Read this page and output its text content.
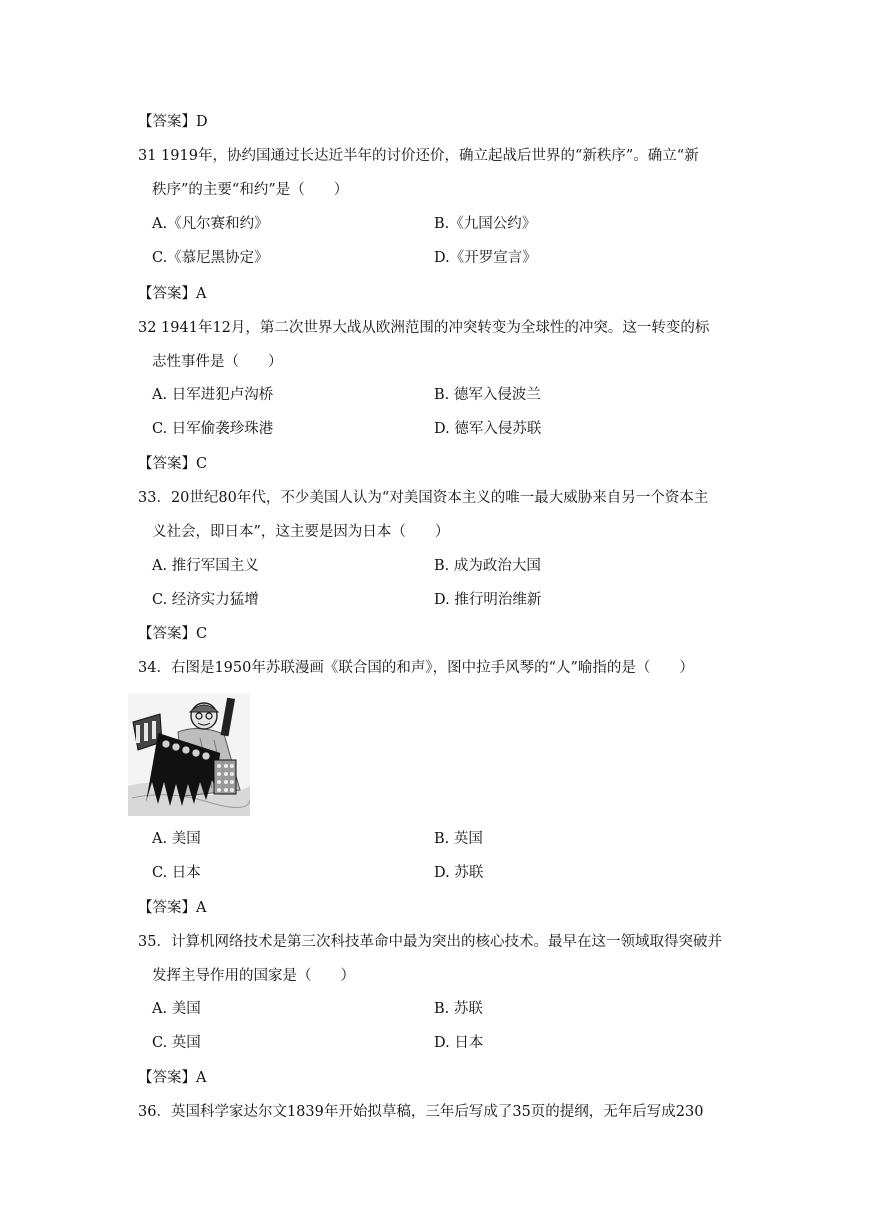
【答案】D
31 1919年，协约国通过长达近半年的讨价还价，确立起战后世界的“新秩序”。确立“新
秩序”的主要“和约”是（　　）
A.《凡尔赛和约》	B.《九国公约》
C.《慕尼黑协定》	D.《开罗宣言》
【答案】A
32 1941年12月，第二次世界大战从欧洲范围的冲突转变为全球性的冲突。这一转变的标
志性事件是（　　）
A. 日军进犯卢沟桥	B. 德军入侵波兰
C. 日军偷袭珍珠港	D. 德军入侵苏联
【答案】C
33．20世纪80年代，不少美国人认为“对美国资本主义的唯一最大威胁来自另一个资本主
义社会，即日本”，这主要是因为日本（　　）
A. 推行军国主义	B. 成为政治大国
C. 经济实力猛增	D. 推行明治维新
【答案】C
34．右图是1950年苏联漫画《联合国的和声》，图中拉手风琴的“人”喻指的是（　　）
A. 美国	B. 英国
C. 日本	D. 苏联
【答案】A
35．计算机网络技术是第三次科技革命中最为突出的核心技术。最早在这一领域取得突破并
发挥主导作用的国家是（　　）
A. 美国	B. 苏联
C. 英国	D. 日本
【答案】A
36．英国科学家达尔文1839年开始拟草稿，三年后写成了35页的提纲，无年后写成230
